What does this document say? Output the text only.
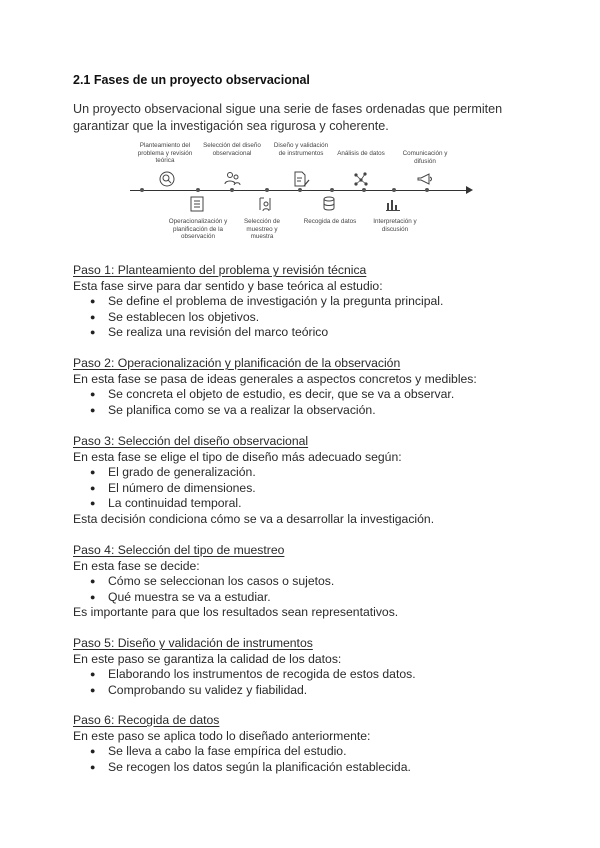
2.1 Fases de un proyecto observacional
Un proyecto observacional sigue una serie de fases ordenadas que permiten garantizar que la investigación sea rigurosa y coherente.
Planteamiento del problema y revisión teórica
Selección del diseño observacional
Diseño y validación de instrumentos	Análisis de datos	Comunicación y difusión
Operacionalización y planificación de la observación
Selección de muestreo y muestra
Recogida de datos	Interpretación y discusión
Paso 1: Planteamiento del problema y revisión técnica
Esta fase sirve para dar sentido y base teórica al estudio:
● Se define el problema de investigación y la pregunta principal.
● Se establecen los objetivos.
● Se realiza una revisión del marco teórico
Paso 2: Operacionalización y planificación de la observación
En esta fase se pasa de ideas generales a aspectos concretos y medibles:
● Se concreta el objeto de estudio, es decir, que se va a observar.
● Se planifica como se va a realizar la observación.
Paso 3: Selección del diseño observacional
En esta fase se elige el tipo de diseño más adecuado según:
● El grado de generalización.
● El número de dimensiones.
● La continuidad temporal.
Esta decisión condiciona cómo se va a desarrollar la investigación.
Paso 4: Selección del tipo de muestreo
En esta fase se decide:
● Cómo se seleccionan los casos o sujetos.
● Qué muestra se va a estudiar.
Es importante para que los resultados sean representativos.
Paso 5: Diseño y validación de instrumentos
En este paso se garantiza la calidad de los datos:
● Elaborando los instrumentos de recogida de estos datos.
● Comprobando su validez y fiabilidad.
Paso 6: Recogida de datos
En este paso se aplica todo lo diseñado anteriormente:
● Se lleva a cabo la fase empírica del estudio.
● Se recogen los datos según la planificación establecida.
